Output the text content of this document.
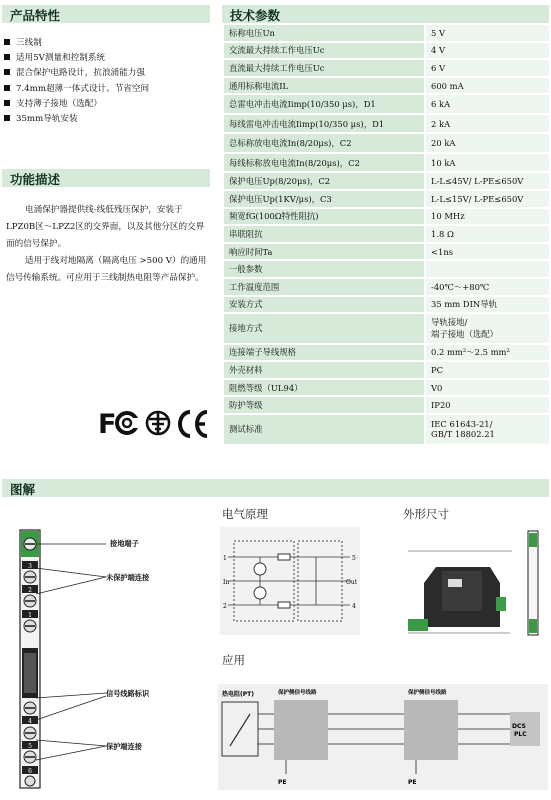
产品特性
三线制
适用5V测量和控制系统
混合保护电路设计，抗浪涌能力强
7.4mm超薄一体式设计、节省空间
支持薄子接地（选配）
35mm导轨安装
功能描述
电涌保护器提供线-线低残压保护，安装于LPZ0B区～LPZ2区的交界面，以及其他分区的交界面的信号保护。
适用于线对地隔离（隔离电压 >500 V）的通用信号传输系统。可应用于三线制热电阻等产品保护。
F
技术参数
标称电压Un	5 V
交流最大持续工作电压Uc	4 V
直流最大持续工作电压Uc	6 V
通用标称电流IL	600 mA
总雷电冲击电流Iimp(10/350 μs)，D1	6 kA
每线雷电冲击电流Iimp(10/350 μs)，D1	2 kA
总标称放电电流In(8/20μs)，C2	20 kA
每线标称放电电流In(8/20μs)，C2	10 kA
保护电压Up(8/20μs)，C2	L-L≤45V/ L-PE≤650V
保护电压Up(1KV/μs)，C3	L-L≤15V/ L-PE≤650V
频宽fG(100Ω特性阻抗)	10 MHz
串联阻抗	1.8 Ω
响应时间Ta	<1ns
一般参数	
工作温度范围	-40℃～+80℃
安装方式	35 mm DIN导轨
接地方式	导轨接地/
端子接地（选配）
连接端子导线规格	0.2 mm²～2.5 mm²
外壳材料	PC
阻燃等级（UL94）	V0
防护等级	IP20
测试标准	IEC 61643-21/
GB/T 18802.21
图解
3
2
1
4
5
6
接地端子
未保护端连接
信号线路标识
保护端连接
电气原理
1
In
2
5
Out
4
外形尺寸
应用
热电阻(PT)	保护侧信号线路	保护侧信号线路
DCS
PLC
PE	PE
